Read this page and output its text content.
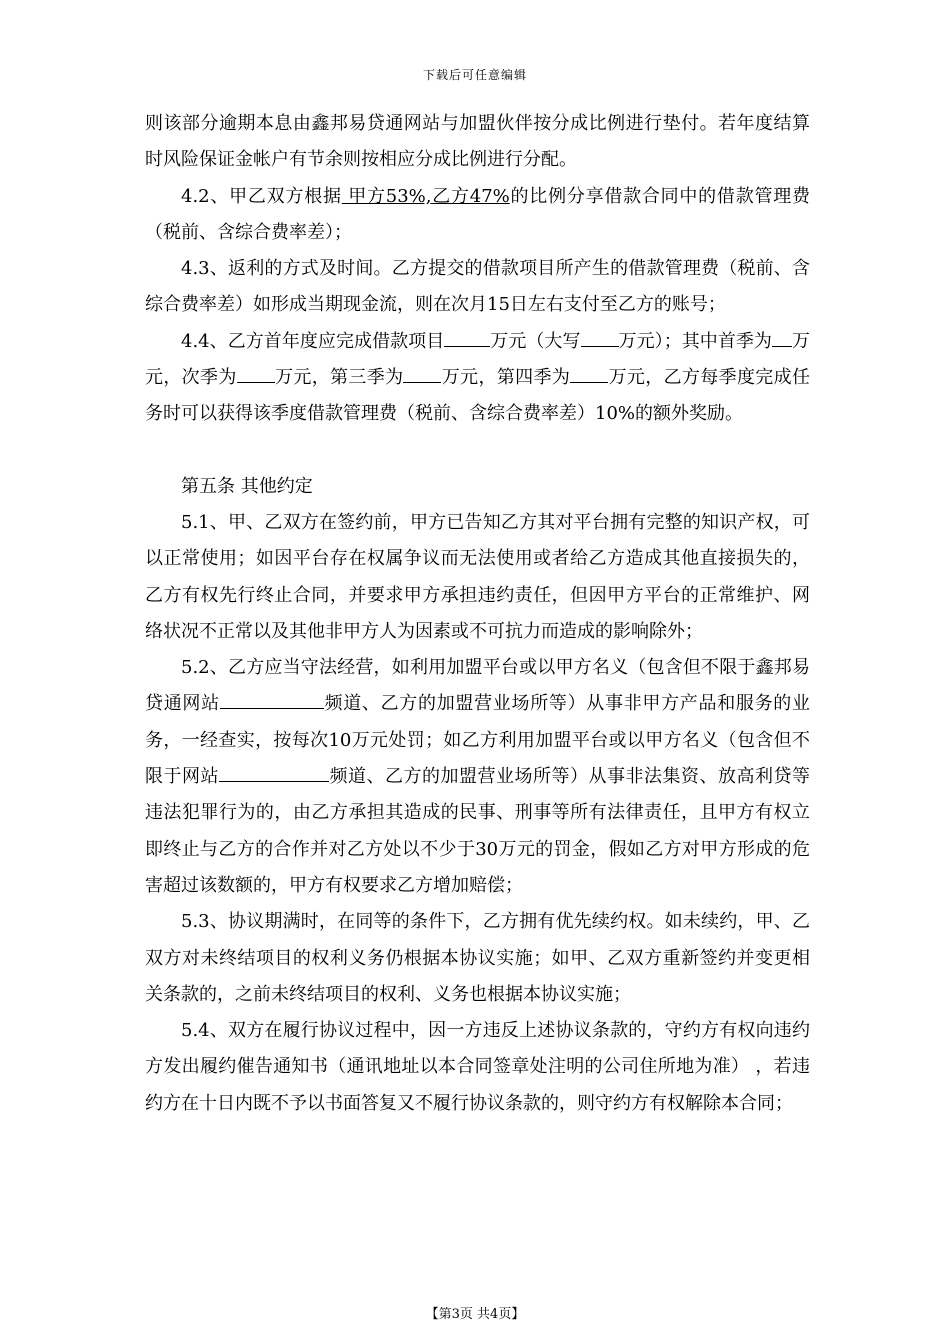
下载后可任意编辑

则该部分逾期本息由鑫邦易贷通网站与加盟伙伴按分成比例进行垫付。若年度结算时风险保证金帐户有节余则按相应分成比例进行分配。

4.2、甲乙双方根据 甲方53%,乙方47%的比例分享借款合同中的借款管理费（税前、含综合费率差）；

4.3、返利的方式及时间。乙方提交的借款项目所产生的借款管理费（税前、含综合费率差）如形成当期现金流，则在次月15日左右支付至乙方的账号；

4.4、乙方首年度应完成借款项目	万元（大写 万元）；其中首季为 万元，次季为 万元，第三季为 万元，第四季为 万元，乙方每季度完成任务时可以获得该季度借款管理费（税前、含综合费率差）10%的额外奖励。

第五条 其他约定

5.1、甲、乙双方在签约前，甲方已告知乙方其对平台拥有完整的知识产权，可以正常使用；如因平台存在权属争议而无法使用或者给乙方造成其他直接损失的，乙方有权先行终止合同，并要求甲方承担违约责任，但因甲方平台的正常维护、网络状况不正常以及其他非甲方人为因素或不可抗力而造成的影响除外；

5.2、乙方应当守法经营，如利用加盟平台或以甲方名义（包含但不限于鑫邦易贷通网站	频道、乙方的加盟营业场所等）从事非甲方产品和服务的业务，一经查实，按每次10万元处罚；如乙方利用加盟平台或以甲方名义（包含但不限于网站	频道、乙方的加盟营业场所等）从事非法集资、放高利贷等违法犯罪行为的，由乙方承担其造成的民事、刑事等所有法律责任，且甲方有权立即终止与乙方的合作并对乙方处以不少于30万元的罚金，假如乙方对甲方形成的危害超过该数额的，甲方有权要求乙方增加赔偿；

5.3、协议期满时，在同等的条件下，乙方拥有优先续约权。如未续约，甲、乙双方对未终结项目的权利义务仍根据本协议实施；如甲、乙双方重新签约并变更相关条款的，之前未终结项目的权利、义务也根据本协议实施；

5.4、双方在履行协议过程中，因一方违反上述协议条款的，守约方有权向违约方发出履约催告通知书（通讯地址以本合同签章处注明的公司住所地为准） ，若违约方在十日内既不予以书面答复又不履行协议条款的，则守约方有权解除本合同；

【第3页 共4页】
